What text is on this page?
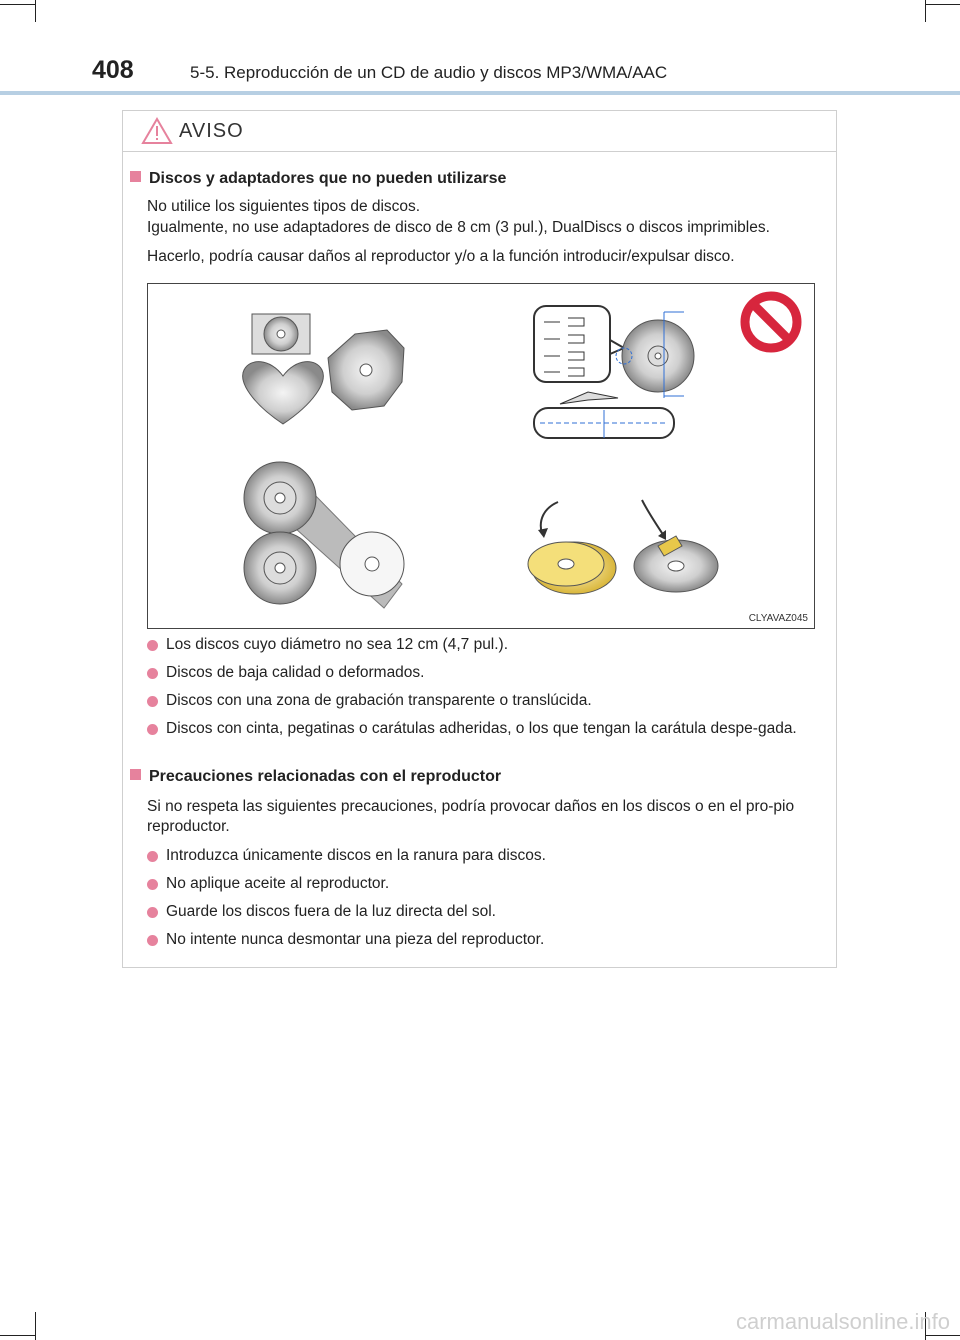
408	5-5. Reproducción de un CD de audio y discos MP3/WMA/AAC
AVISO
Discos y adaptadores que no pueden utilizarse
No utilice los siguientes tipos de discos.
Igualmente, no use adaptadores de disco de 8 cm (3 pul.), DualDiscs o discos imprimibles.
Hacerlo, podría causar daños al reproductor y/o a la función introducir/expulsar disco.
CLYAVAZ045
Los discos cuyo diámetro no sea 12 cm (4,7 pul.).
Discos de baja calidad o deformados.
Discos con una zona de grabación transparente o translúcida.
Discos con cinta, pegatinas o carátulas adheridas, o los que tengan la carátula despe-gada.
Precauciones relacionadas con el reproductor
Si no respeta las siguientes precauciones, podría provocar daños en los discos o en el pro-pio reproductor.
Introduzca únicamente discos en la ranura para discos.
No aplique aceite al reproductor.
Guarde los discos fuera de la luz directa del sol.
No intente nunca desmontar una pieza del reproductor.
carmanualsonline.info
